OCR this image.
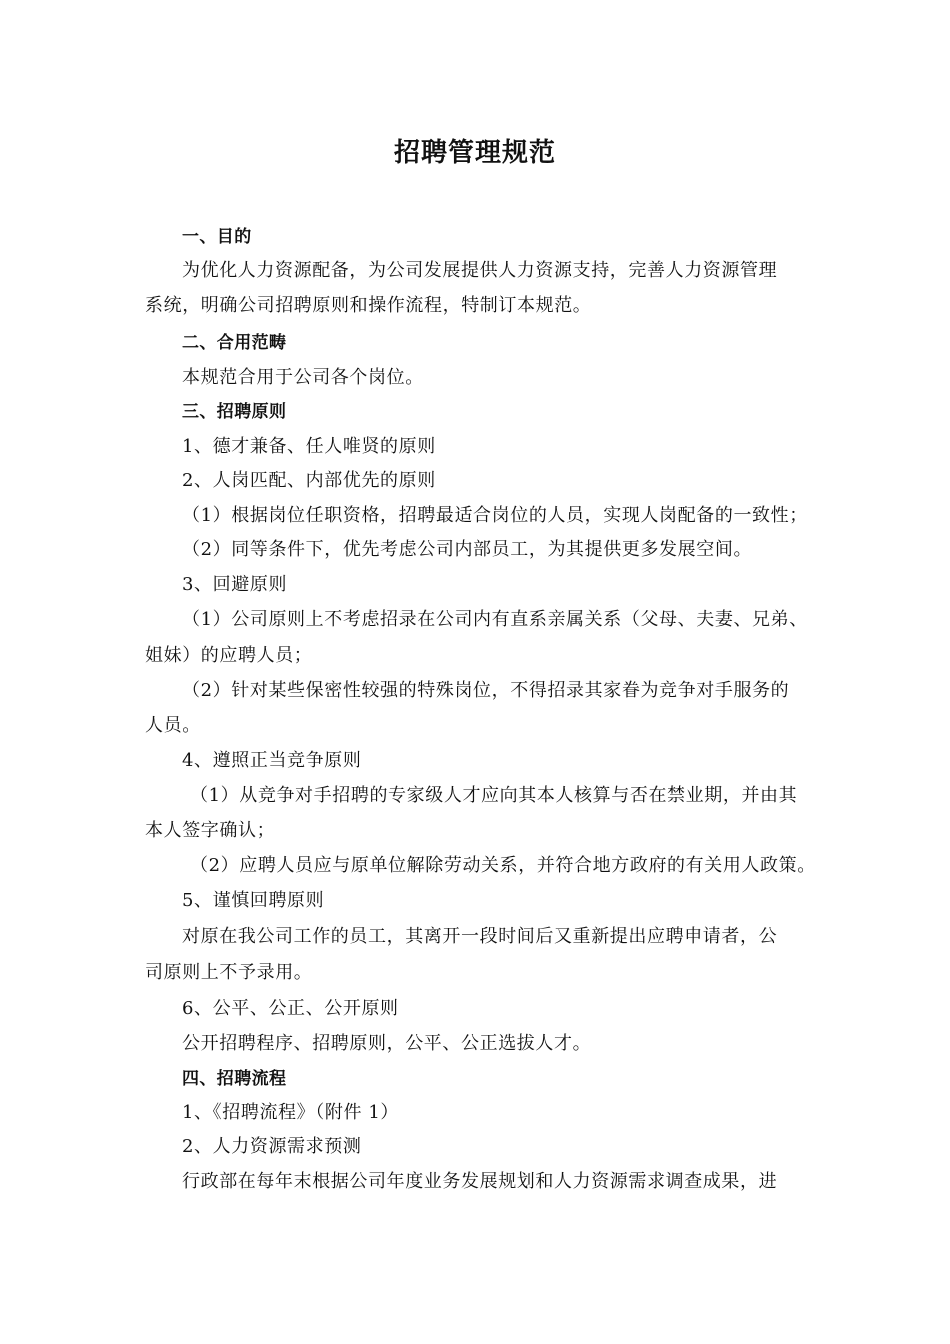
招聘管理规范
一、目的
为优化人力资源配备，为公司发展提供人力资源支持，完善人力资源管理
系统，明确公司招聘原则和操作流程，特制订本规范。
二、合用范畴
本规范合用于公司各个岗位。
三、招聘原则
1、德才兼备、任人唯贤的原则
2、人岗匹配、内部优先的原则
（1）根据岗位任职资格，招聘最适合岗位的人员，实现人岗配备的一致性；
（2）同等条件下，优先考虑公司内部员工，为其提供更多发展空间。
3、回避原则
（1）公司原则上不考虑招录在公司内有直系亲属关系（父母、夫妻、兄弟、
姐妹）的应聘人员；
（2）针对某些保密性较强的特殊岗位，不得招录其家眷为竞争对手服务的
人员。
4、遵照正当竞争原则
（1）从竞争对手招聘的专家级人才应向其本人核算与否在禁业期，并由其
本人签字确认；
（2）应聘人员应与原单位解除劳动关系，并符合地方政府的有关用人政策。
5、谨慎回聘原则
对原在我公司工作的员工，其离开一段时间后又重新提出应聘申请者，公
司原则上不予录用。
6、公平、公正、公开原则
公开招聘程序、招聘原则，公平、公正选拔人才。
四、招聘流程
1、《招聘流程》（附件 1）
2、人力资源需求预测
行政部在每年末根据公司年度业务发展规划和人力资源需求调查成果，进
